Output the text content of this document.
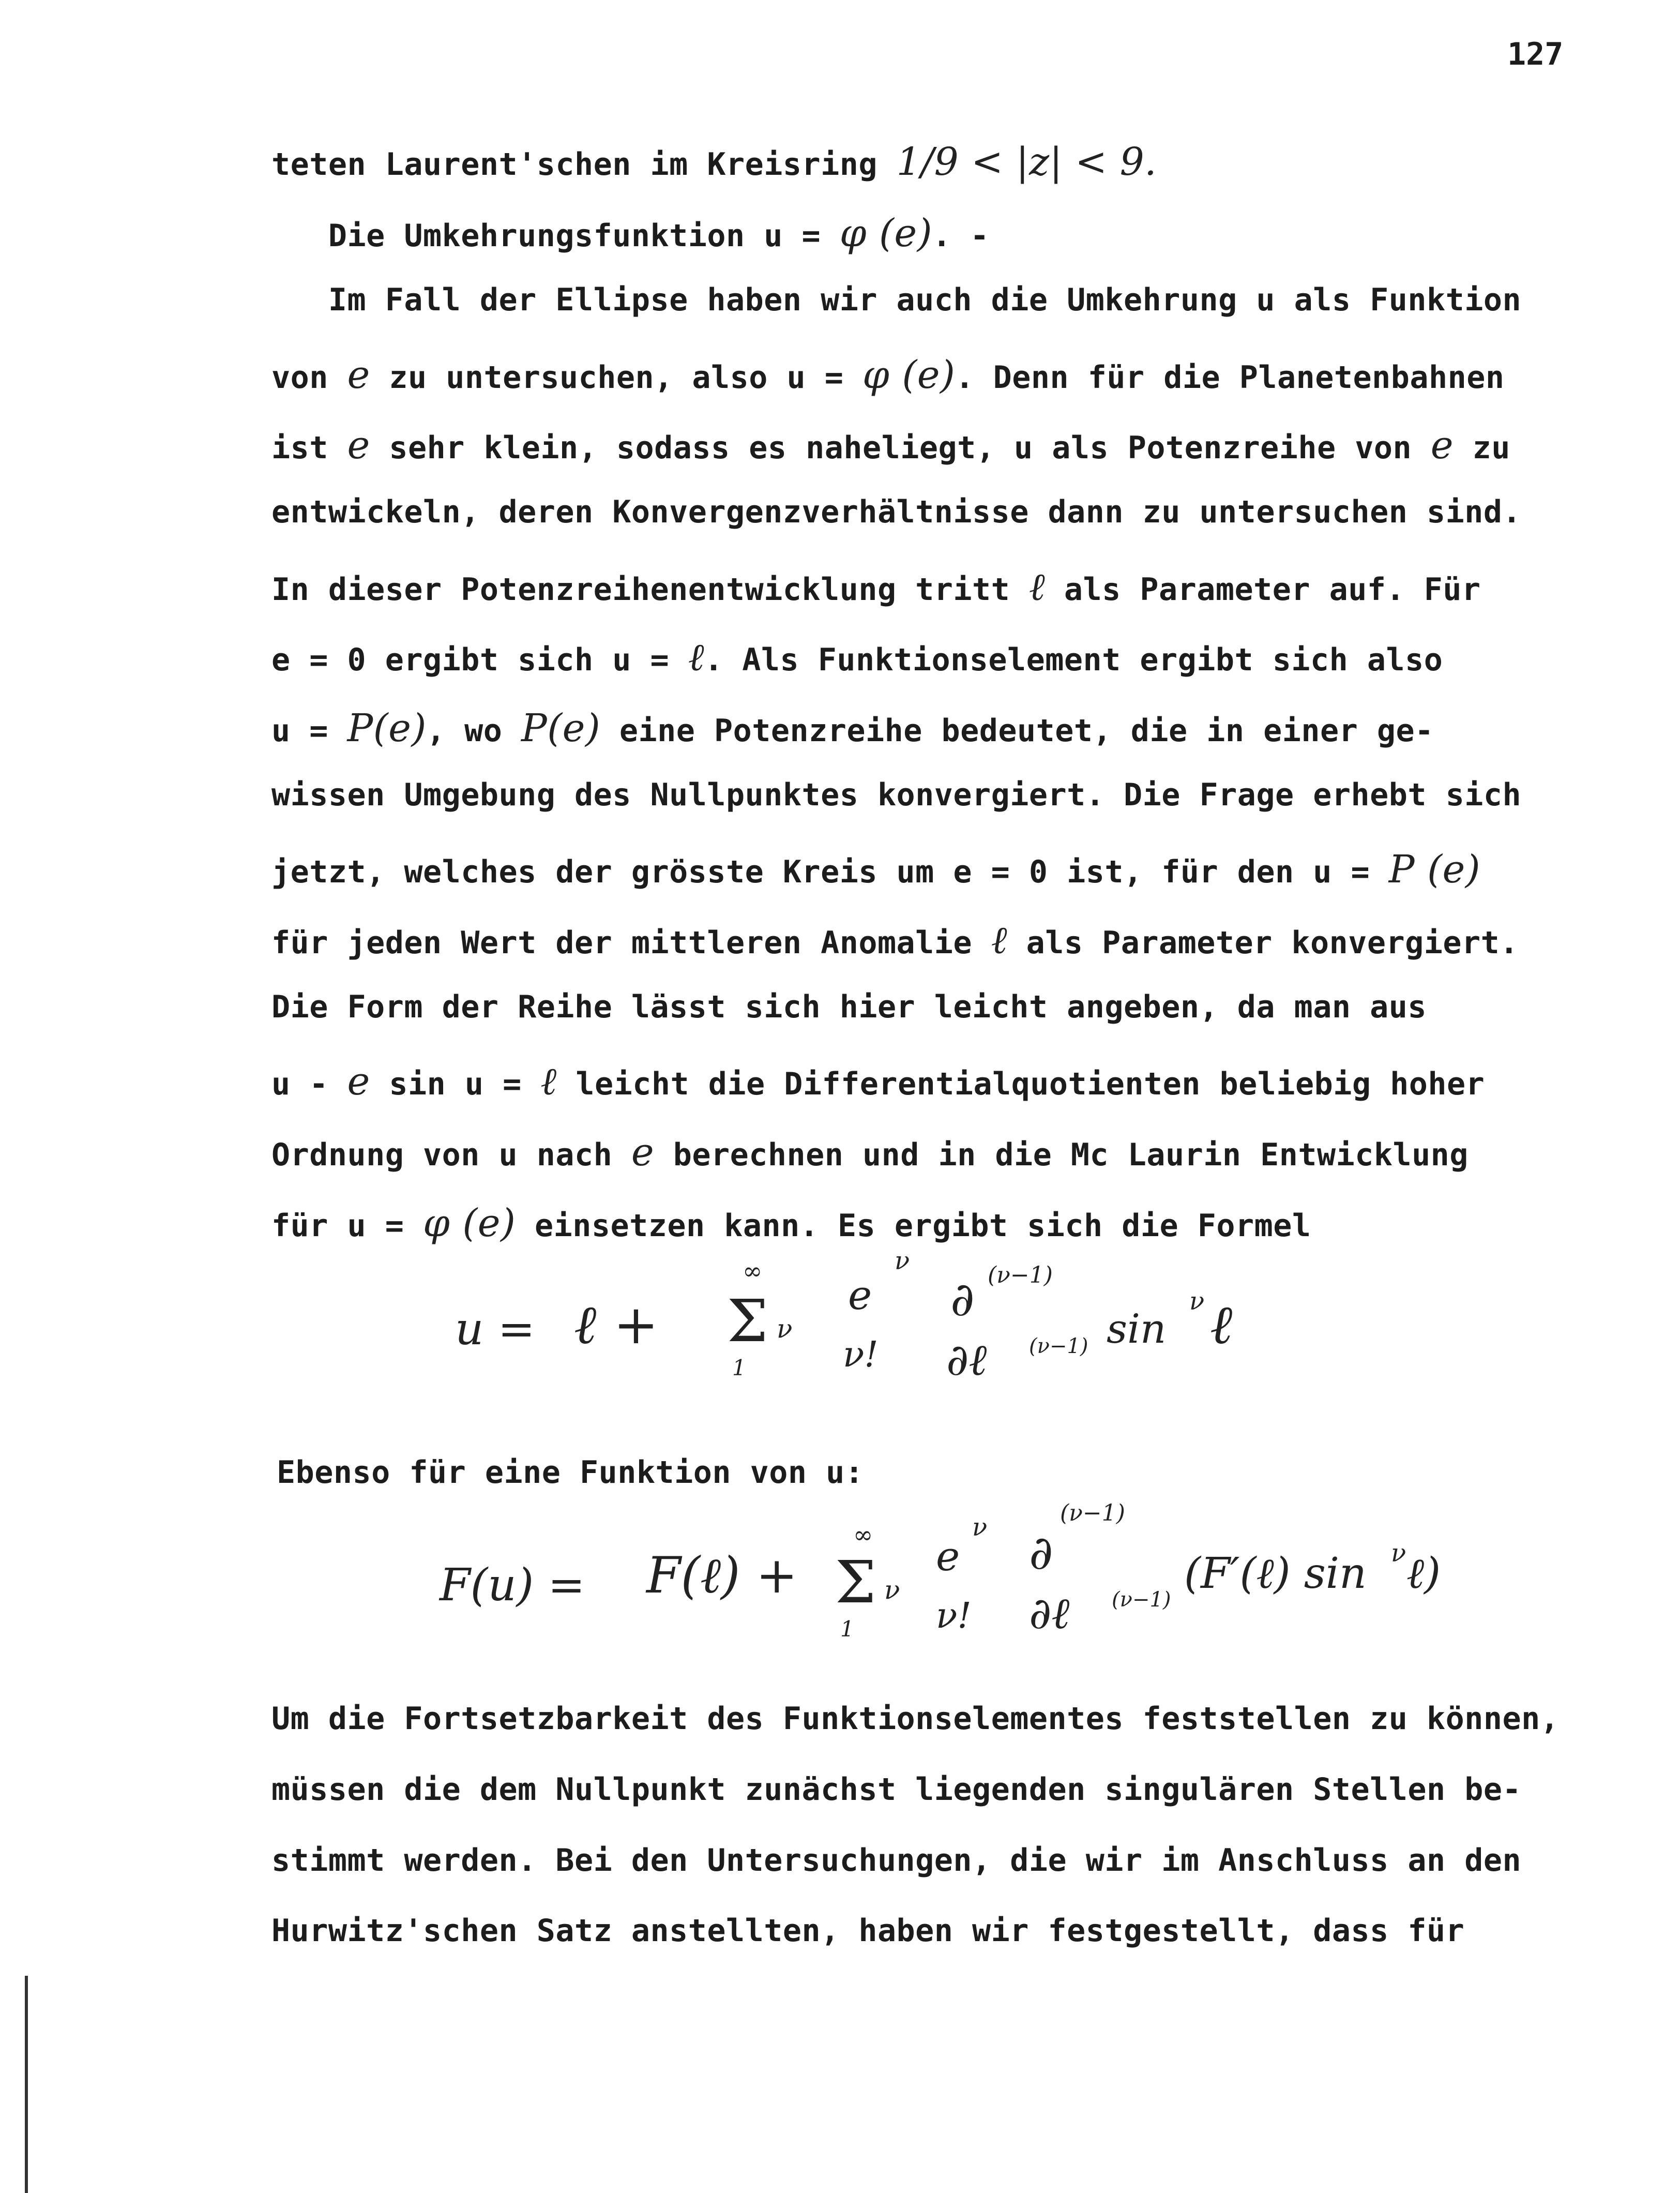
127
teten Laurent'schen im Kreisring 1/9 < |z| < 9.
Die Umkehrungsfunktion u = φ (e). -
Im Fall der Ellipse haben wir auch die Umkehrung u als Funktion
von e zu untersuchen, also u = φ (e). Denn für die Planetenbahnen
ist e sehr klein, sodass es naheliegt, u als Potenzreihe von e zu
entwickeln, deren Konvergenzverhältnisse dann zu untersuchen sind.
In dieser Potenzreihenentwicklung tritt ℓ als Parameter auf. Für
e = 0 ergibt sich u = ℓ. Als Funktionselement ergibt sich also
u = P(e), wo P(e) eine Potenzreihe bedeutet, die in einer ge-
wissen Umgebung des Nullpunktes konvergiert. Die Frage erhebt sich
jetzt, welches der grösste Kreis um e = 0 ist, für den u = P (e)
für jeden Wert der mittleren Anomalie ℓ als Parameter konvergiert.
Die Form der Reihe lässt sich hier leicht angeben, da man aus
u - e sin u = ℓ leicht die Differentialquotienten beliebig hoher
Ordnung von u nach e berechnen und in die Mc Laurin Entwicklung
für u = φ (e) einsetzen kann. Es ergibt sich die Formel
u = ℓ +
∞
Σ ν
1
e
ν
ν!
∂ (ν−1)
∂ℓ (ν−1) sin
ν ℓ
Ebenso für eine Funktion von u:
F(u) = F(ℓ) +
∞
Σ ν
1
e
ν
ν!
∂
(ν−1)
∂ℓ (ν−1)
(F′(ℓ) sin ν ℓ)
Um die Fortsetzbarkeit des Funktionselementes feststellen zu können,
müssen die dem Nullpunkt zunächst liegenden singulären Stellen be-
stimmt werden. Bei den Untersuchungen, die wir im Anschluss an den
Hurwitz'schen Satz anstellten, haben wir festgestellt, dass für
